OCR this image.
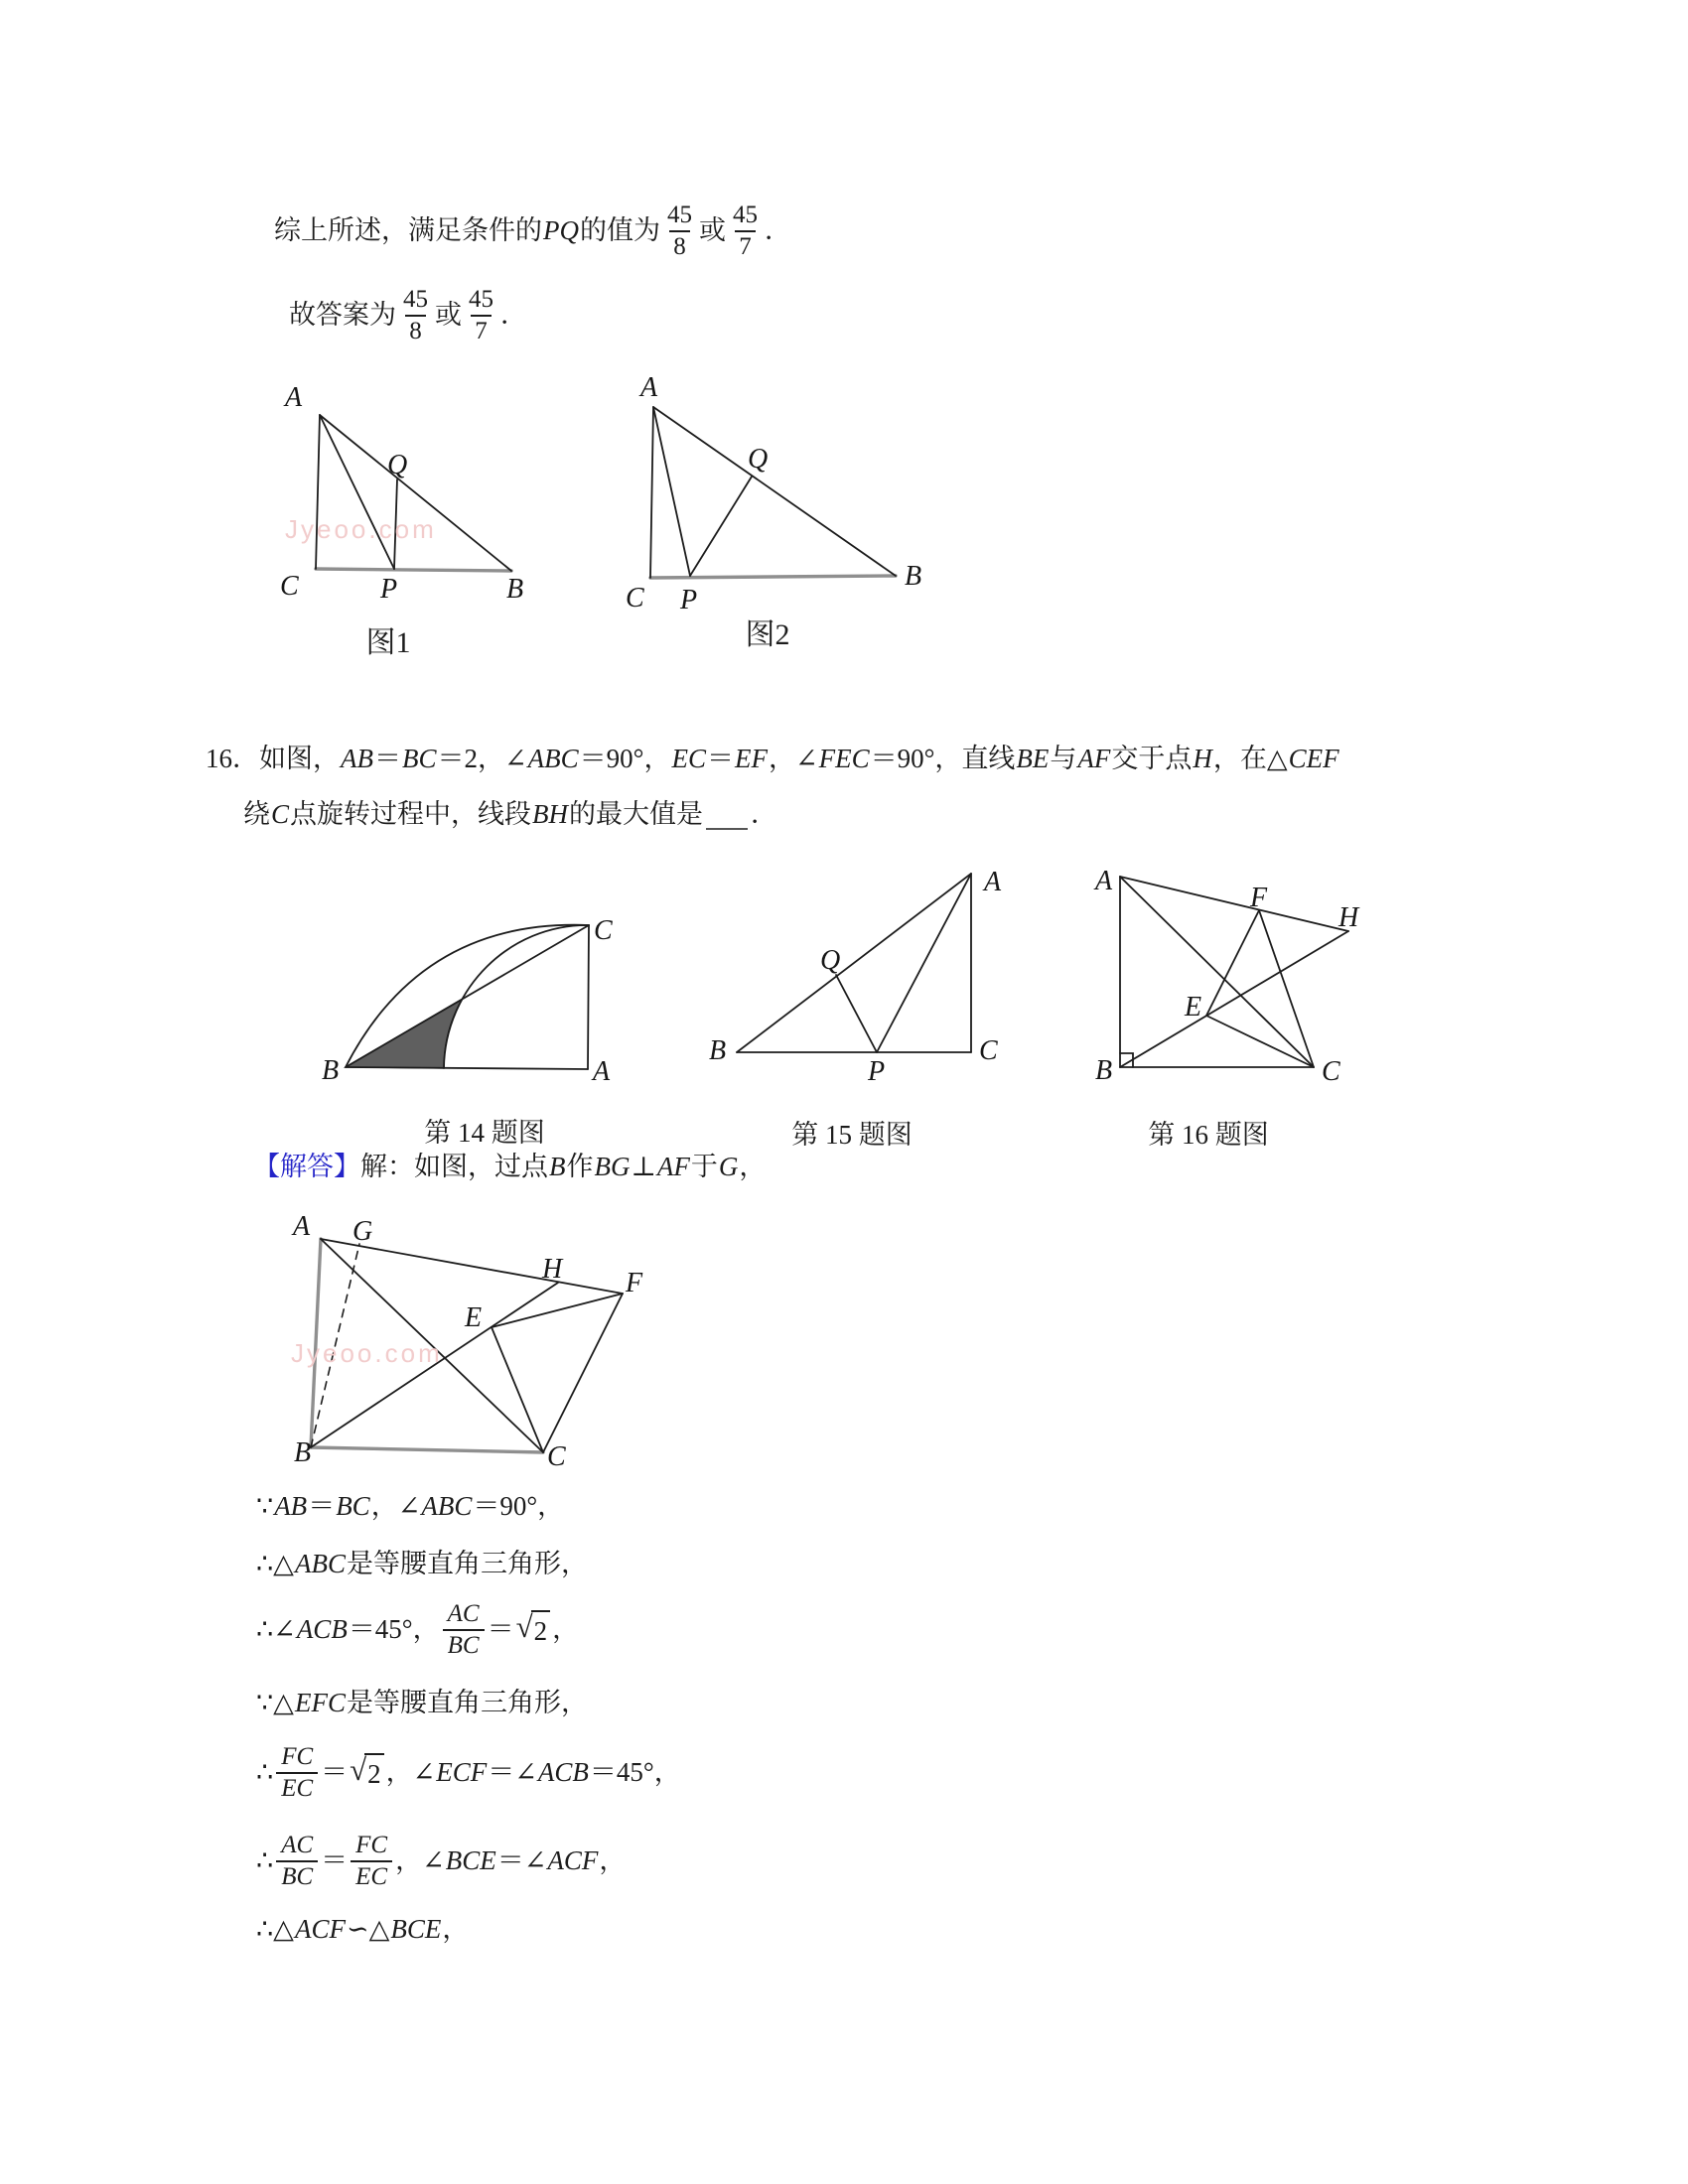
A
C	P	B
Q
Jyeoo.com
A
C P
B
Q
B	A
C
B	C
A
P
Q
A
B	C
E
F
H
A G
H F
E
B	C
Jyeoo.com
综上所述，满足条件的 PQ 的值为 $\frac{45}{8}$ 或 $\frac{45}{7}$ ．
故答案为 $\frac{45}{8}$ 或 $\frac{45}{7}$ ．
16．如图， AB ＝ BC ＝2，∠ ABC ＝90°， EC ＝ EF ，∠ FEC ＝90°，直线 BE 与 AF 交于点 H ，在△ CEF
绕 C 点旋转过程中，线段 BH 的最大值是 ．
【解答】 解：如图，过点 B 作 BG ⊥ AF 于 G ，
∵ AB ＝ BC ，∠ ABC ＝90°，
∴△ ABC 是等腰直角三角形，
∴∠ ACB ＝45°， $\frac{AC}{BC}$ ＝ √ 2 ，
∵△ EFC 是等腰直角三角形，
∴ $\frac{FC}{EC}$ ＝ √ 2 ，∠ ECF ＝∠ ACB ＝45°，
∴ $\frac{AC}{BC} = \frac{FC}{EC}$ ，∠ BCE ＝∠ ACF ，
∴△ ACF ∽△ BCE ，
图1	图2
第 14 题图	第 15 题图	第 16 题图
